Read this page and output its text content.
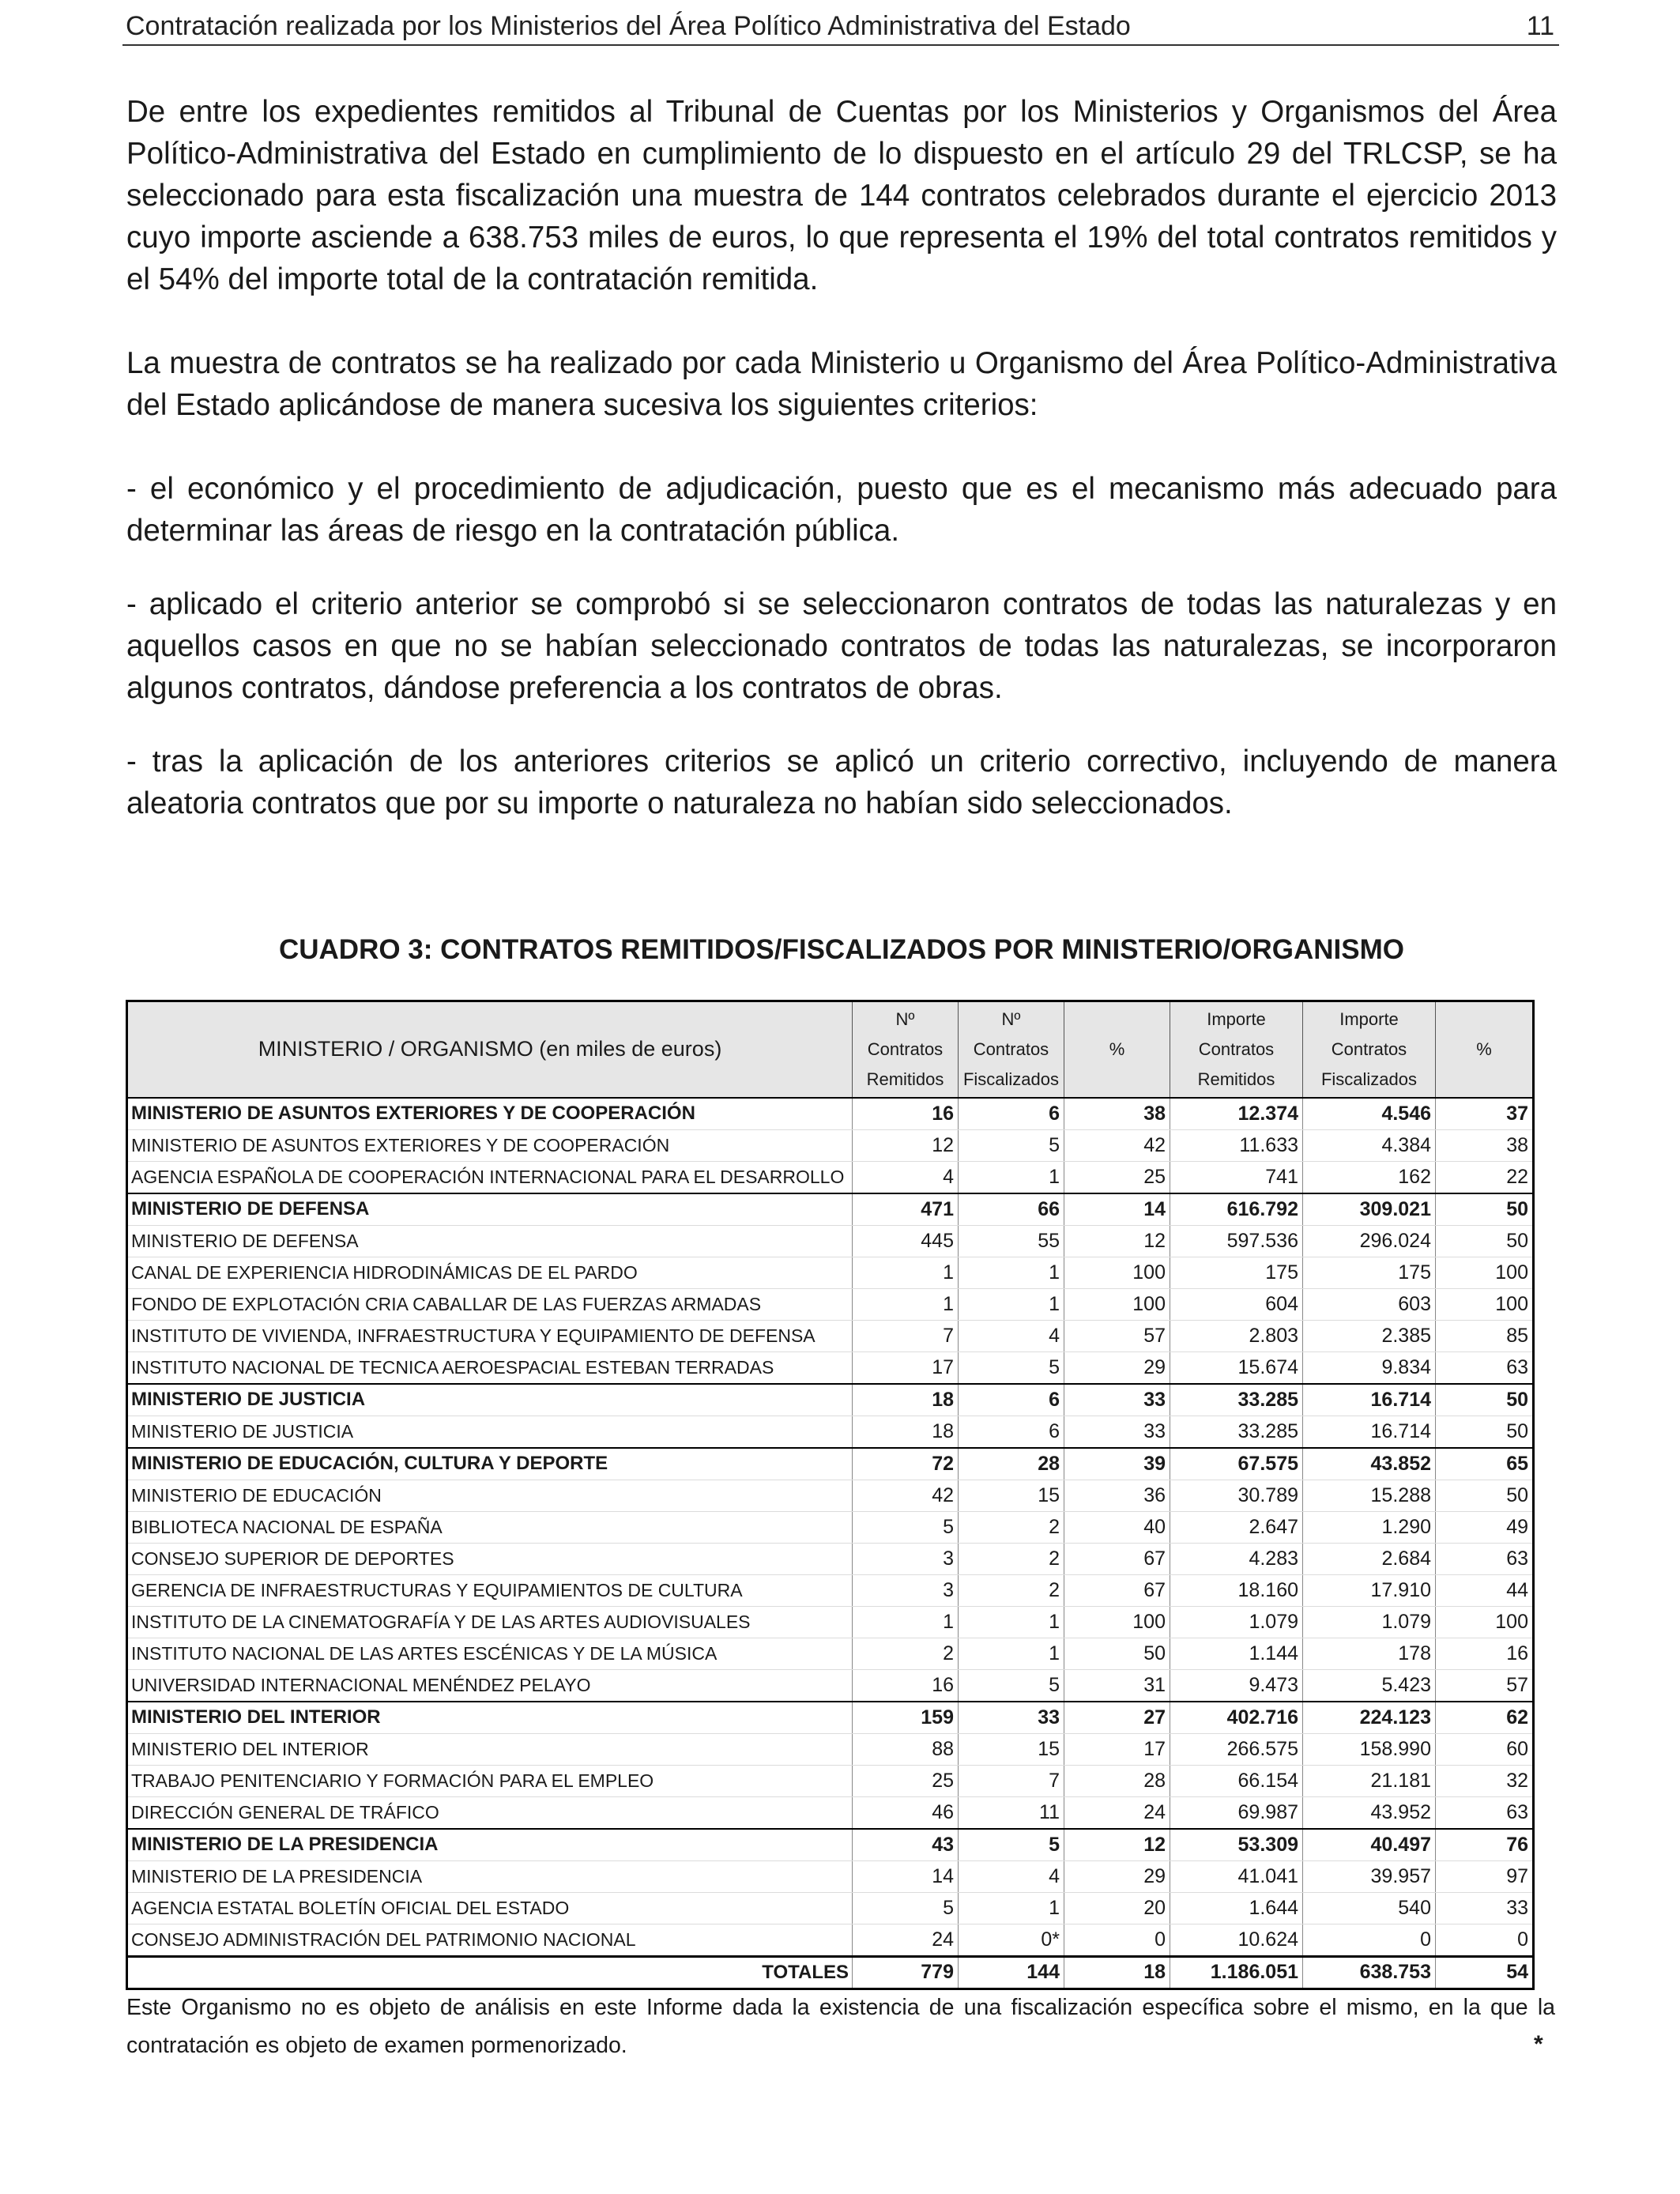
Contratación realizada por los Ministerios del Área Político Administrativa del Estado	11

De entre los expedientes remitidos al Tribunal de Cuentas por los Ministerios y Organismos del Área Político-Administrativa del Estado en cumplimiento de lo dispuesto en el artículo 29 del TRLCSP, se ha seleccionado para esta fiscalización una muestra de 144 contratos celebrados durante el ejercicio 2013 cuyo importe asciende a 638.753 miles de euros, lo que representa el 19% del total contratos remitidos y el 54% del importe total de la contratación remitida.

La muestra de contratos se ha realizado por cada Ministerio u Organismo del Área Político-Administrativa del Estado aplicándose de manera sucesiva los siguientes criterios:

- el económico y el procedimiento de adjudicación, puesto que es el mecanismo más adecuado para determinar las áreas de riesgo en la contratación pública.

- aplicado el criterio anterior se comprobó si se seleccionaron contratos de todas las naturalezas y en aquellos casos en que no se habían seleccionado contratos de todas las naturalezas, se incorporaron algunos contratos, dándose preferencia a los contratos de obras.

- tras la aplicación de los anteriores criterios se aplicó un criterio correctivo, incluyendo de manera aleatoria contratos que por su importe o naturaleza no habían sido seleccionados.

CUADRO 3: CONTRATOS REMITIDOS/FISCALIZADOS POR MINISTERIO/ORGANISMO
MINISTERIO / ORGANISMO (en miles de euros)	Nº
Contratos
Remitidos	Nº
Contratos
Fiscalizados	%	Importe
Contratos
Remitidos	Importe
Contratos
Fiscalizados	%

MINISTERIO DE ASUNTOS EXTERIORES Y DE COOPERACIÓN	16	6	38	12.374	4.546	37
MINISTERIO DE ASUNTOS EXTERIORES Y DE COOPERACIÓN	12	5	42	11.633	4.384	38
AGENCIA ESPAÑOLA DE COOPERACIÓN INTERNACIONAL PARA EL DESARROLLO	4	1	25	741	162	22
MINISTERIO DE DEFENSA	471	66	14	616.792	309.021	50
MINISTERIO DE DEFENSA	445	55	12	597.536	296.024	50
CANAL DE EXPERIENCIA HIDRODINÁMICAS DE EL PARDO	1	1	100	175	175	100
FONDO DE EXPLOTACIÓN CRIA CABALLAR DE LAS FUERZAS ARMADAS	1	1	100	604	603	100
INSTITUTO DE VIVIENDA, INFRAESTRUCTURA Y EQUIPAMIENTO DE DEFENSA	7	4	57	2.803	2.385	85
INSTITUTO NACIONAL DE TECNICA AEROESPACIAL ESTEBAN TERRADAS	17	5	29	15.674	9.834	63
MINISTERIO DE JUSTICIA	18	6	33	33.285	16.714	50
MINISTERIO DE JUSTICIA	18	6	33	33.285	16.714	50
MINISTERIO DE EDUCACIÓN, CULTURA Y DEPORTE	72	28	39	67.575	43.852	65
MINISTERIO DE EDUCACIÓN	42	15	36	30.789	15.288	50
BIBLIOTECA NACIONAL DE ESPAÑA	5	2	40	2.647	1.290	49
CONSEJO SUPERIOR DE DEPORTES	3	2	67	4.283	2.684	63
GERENCIA DE INFRAESTRUCTURAS Y EQUIPAMIENTOS DE CULTURA	3	2	67	18.160	17.910	44
INSTITUTO DE LA CINEMATOGRAFÍA Y DE LAS ARTES AUDIOVISUALES	1	1	100	1.079	1.079	100
INSTITUTO NACIONAL DE LAS ARTES ESCÉNICAS Y DE LA MÚSICA	2	1	50	1.144	178	16
UNIVERSIDAD INTERNACIONAL MENÉNDEZ PELAYO	16	5	31	9.473	5.423	57
MINISTERIO DEL INTERIOR	159	33	27	402.716	224.123	62
MINISTERIO DEL INTERIOR	88	15	17	266.575	158.990	60
TRABAJO PENITENCIARIO Y FORMACIÓN PARA EL EMPLEO	25	7	28	66.154	21.181	32
DIRECCIÓN GENERAL DE TRÁFICO	46	11	24	69.987	43.952	63
MINISTERIO DE LA PRESIDENCIA	43	5	12	53.309	40.497	76
MINISTERIO DE LA PRESIDENCIA	14	4	29	41.041	39.957	97
AGENCIA ESTATAL BOLETÍN OFICIAL DEL ESTADO	5	1	20	1.644	540	33
CONSEJO ADMINISTRACIÓN DEL PATRIMONIO NACIONAL	24	0*	0	10.624	0	0
TOTALES	779	144	18	1.186.051	638.753	54
*
Este Organismo no es objeto de análisis en este Informe dada la existencia de una fiscalización específica sobre el mismo, en la que la contratación es objeto de examen pormenorizado.
